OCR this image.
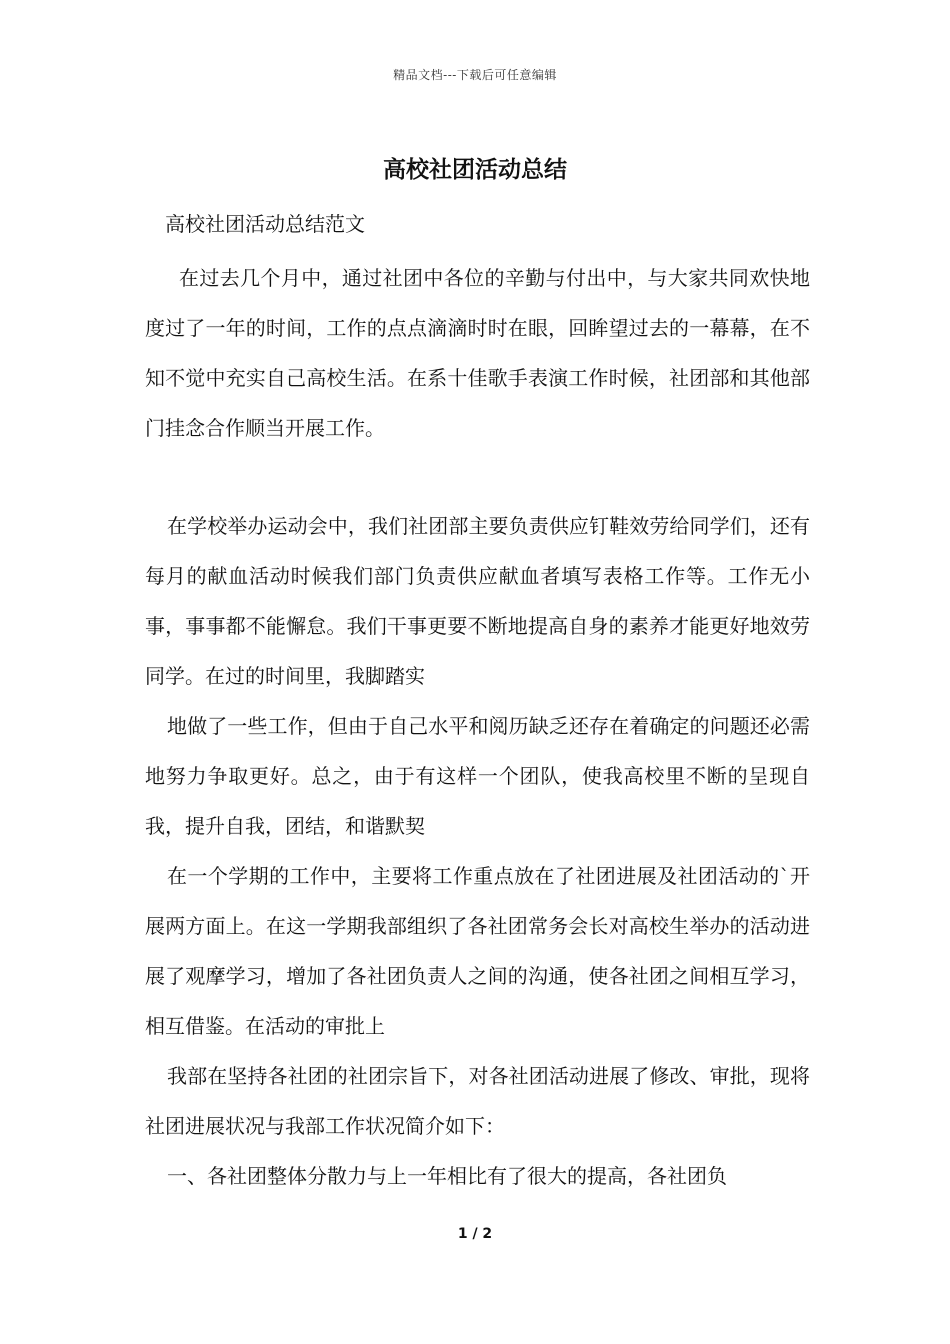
精品文档---下载后可任意编辑
高校社团活动总结
高校社团活动总结范文

在过去几个月中，通过社团中各位的辛勤与付出中，与大家共同欢快地度过了一年的时间，工作的点点滴滴时时在眼，回眸望过去的一幕幕，在不知不觉中充实自己高校生活。在系十佳歌手表演工作时候，社团部和其他部门挂念合作顺当开展工作。

在学校举办运动会中，我们社团部主要负责供应钉鞋效劳给同学们，还有每月的献血活动时候我们部门负责供应献血者填写表格工作等。工作无小事，事事都不能懈怠。我们干事更要不断地提高自身的素养才能更好地效劳同学。在过的时间里，我脚踏实

地做了一些工作，但由于自己水平和阅历缺乏还存在着确定的问题还必需地努力争取更好。总之，由于有这样一个团队，使我高校里不断的呈现自我，提升自我，团结，和谐默契

在一个学期的工作中，主要将工作重点放在了社团进展及社团活动的`开展两方面上。在这一学期我部组织了各社团常务会长对高校生举办的活动进展了观摩学习，增加了各社团负责人之间的沟通，使各社团之间相互学习，相互借鉴。在活动的审批上

我部在坚持各社团的社团宗旨下，对各社团活动进展了修改、审批，现将社团进展状况与我部工作状况简介如下：

一、各社团整体分散力与上一年相比有了很大的提高，各社团负

1 / 2
